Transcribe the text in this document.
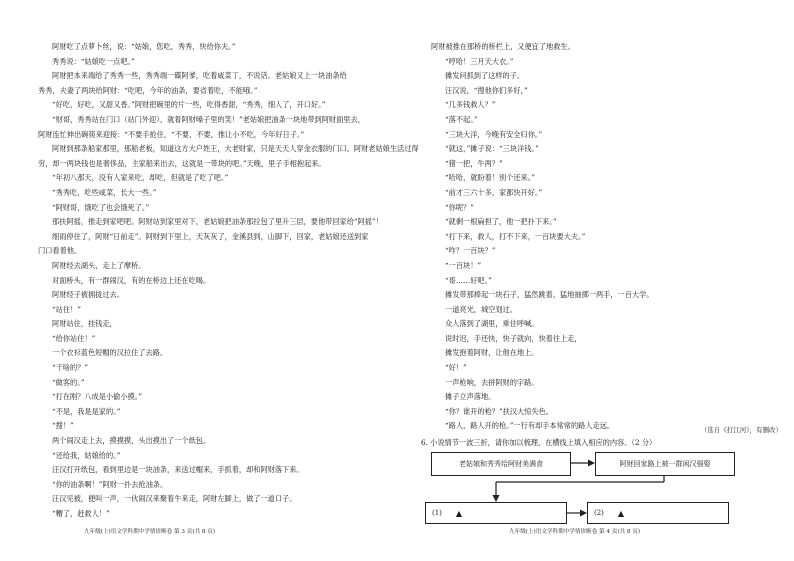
阿财吃了点萝卜丝，说：“姑娘，您吃，秀秀，快给你夫。”
秀秀说：“姑娘吃一点吧。”
阿财把本来端给了秀秀一些，秀秀端一碟阿爹，吃着咸菜丁，不说话。老姑娘又上一块油条给
秀秀，夫妻了两块给阿财：“吃吧，今年的油条，要省着吃，不能哦。”
“好吃，好吃，又甜又香。”阿财把碗里的片一些，吃得香甜，“秀秀，细人了，开口好。”
“财哥，秀秀站在门口（站门外迎），就着阿财嗓子里的笑！”老姑娘把油条一块地带到阿财面里去，
阿财连忙伸出碗筷来迎接：“不要手抢住，“不要，不要，推让小不吃，今年好日子。”
阿财到那条船家那里，那船老板，知道这方大户姓王，大老财家，只是天天人穿金衣服的门口。阿财老姑娘生活过得
穷，却一两块钱也是奢侈品，主家船来出去，这就是一带块的吧。”天晚，里子手相抱起来。
“年初八那天，没有人家来吃，却吃，但就是了吃了吧。”
“秀秀吃，吃些咸菜，长大一些。”
“阿财哥，饿吃了也会饿死了。”
那扶阿摇，推走到家吧吧。阿财站到家里对下，老姑娘把油条那拉包了里升三层，要他带回家给“阿摇”！
细雨停住了，阿财“日前走”。阿财到下里上，天灰灰了，金溪县到，山脚下，回家，老姑娘还送到家
门口看着他。
阿财经去湖头，走上了摩桥。
对面桥头，有一群闹汉，有的在桥边上还在吃喝。
阿财经子被拥拢过去。
“站住！”
阿财站住，挂钱走，
“给你站住！”
一个衣衫蓝色短帽的汉拉住了去路。
“干啥的？”
“做客的。”
“打在刚？八成是小偷小摸。”
“不是，我是是家的。”
“搜！”
两个闹汉走上去，摸摸摸，头出摸出了一个纸包。
“还给我，姑娘给的。”
汪汉打开纸包，看到里边是一块油条，来送过帽来，手抓着，却和阿财落下来。
“你的油条啊！”阿财一扑去抢油条。
汪汉见被，便叫一声，一伙闹汉来聚着牛来走，阿财左脚上，做了一道口子。
“糟了，赶救人！”
九年级(上)语文学科期中学情诊断卷 第 3 页(共 8 页)
阿财被推在那桥的桥栏上，又便宜了地救生。
“哼哈！三月天大衣。”
摊发问抓到了这样的子。
汪汉说，“搜他你们多好，”
“几多钱救人？”
“落不起。”
“三块大洋，今晚有安全归你。”
“就这，”摊子说：“三块洋钱。”
“猪一把，牛两？”
“哈哈，就盼着！别个还来。”
“前才三六十多，家都快开好。”
“你呢？”
“就剩一根扁担了，他一把扑下来。”
“打下来，救人，打不下来，一百块要大夫。”
“咋？一百块？”
“一百块！”
“哥……好吧。”
摊发带那捧起一块石子，猛然跳着，猛地抽掷一两手，一百大学。
一道亮光，城空划过。
众人落到了湖里，乘住呼喊。
说时迟，手还快，快子就向，快着往上走，
摊发抱着阿财，让他在地上。
“好！”
一声枪响，去拼阿财的字路。
摊子立声落地。
“你？谁开的枪？”扶汉大惊失色。
“路人，路人开的枪。”一行有却手本常常的路人走远。	（选自《打江河》，有删改）
6. 小说情节一波三折，请你加以梳理，在横线上填入相应的内容。（2 分）
老姑娘和秀秀给阿财美满食	阿财回家路上被一群闲汉强娶
(1) ▲	(2) ▲
九年级(上)语文学科期中学情诊断卷 第 4 页(共 8 页)
